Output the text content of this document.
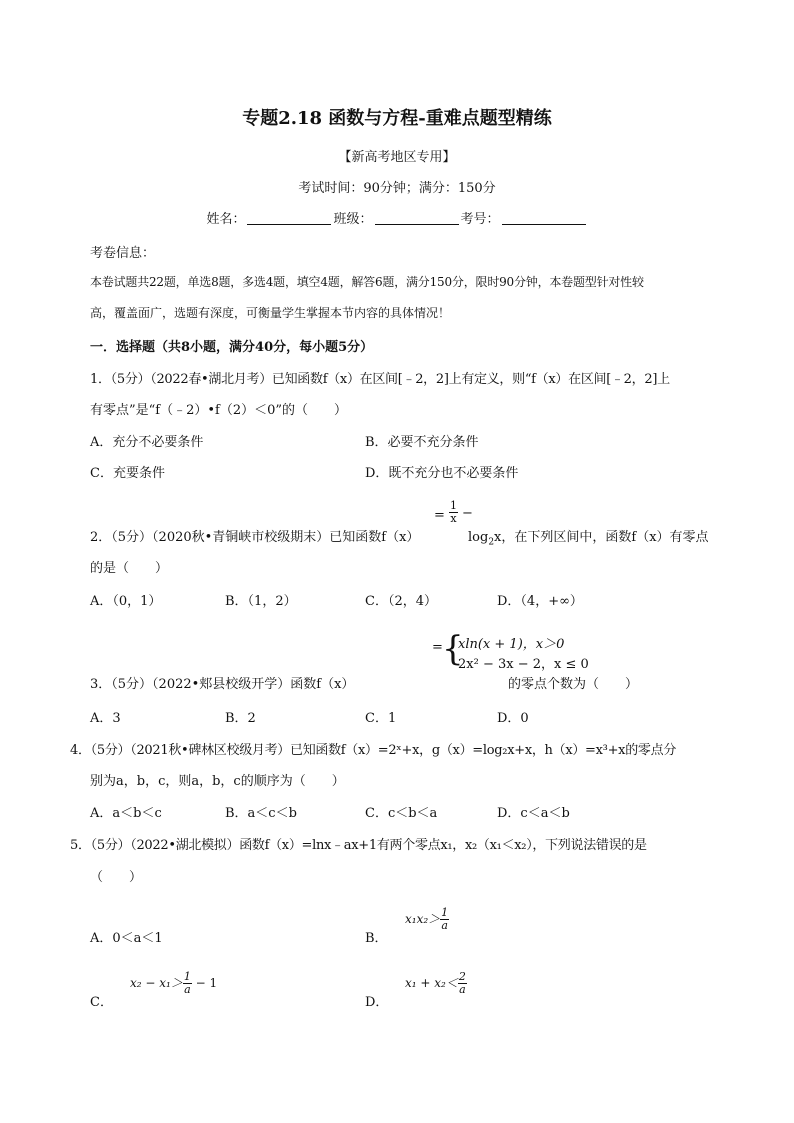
专题2.18 函数与方程-重难点题型精练
【新高考地区专用】
考试时间：90分钟；满分：150分
姓名：	班级：	考号：
考卷信息：
本卷试题共22题，单选8题，多选4题，填空4题，解答6题，满分150分，限时90分钟，本卷题型针对性较
高，覆盖面广，选题有深度，可衡量学生掌握本节内容的具体情况！
一．选择题（共8小题，满分40分，每小题5分）
1．（5分）（2022春•湖北月考）已知函数f（x）在区间[﹣2，2]上有定义，则“f（x）在区间[﹣2，2]上
有零点”是“f（﹣2）•f（2）＜0”的（　　）
A．充分不必要条件	B．必要不充分条件
C．充要条件	D．既不充分也不必要条件
2．（5分）（2020秋•青铜峡市校级期末）已知函数f（x）
= $\frac{1}{x}$ −
$\log_2x$，在下列区间中，函数f（x）有零点
的是（　　）
A．（0，1）	B．（1，2）	C．（2，4）	D．（4，+∞）
3．（5分）（2022•郏县校级开学）函数f（x）
= {
xln(x + 1)，x＞0
2x² − 3x − 2，x ≤ 0
的零点个数为（　　）
A．3	B．2	C．1	D．0
4．（5分）（2021秋•碑林区校级月考）已知函数f（x）=2ˣ+x，g（x）=log₂x+x，h（x）=x³+x的零点分
别为a，b，c，则a，b，c的顺序为（　　）
A．a＜b＜c	B．a＜c＜b	C．c＜b＜a	D．c＜a＜b
5．（5分）（2022•湖北模拟）函数f（x）=lnx﹣ax+1有两个零点x₁，x₂（x₁＜x₂），下列说法错误的是
（　　）
A．0＜a＜1	B．
$x_1x_2> \frac{1}{a}$
C．
$x_2 - x_1> \frac{1}{a} - 1$
D．
$x_1 + x_2< \frac{2}{a}$
